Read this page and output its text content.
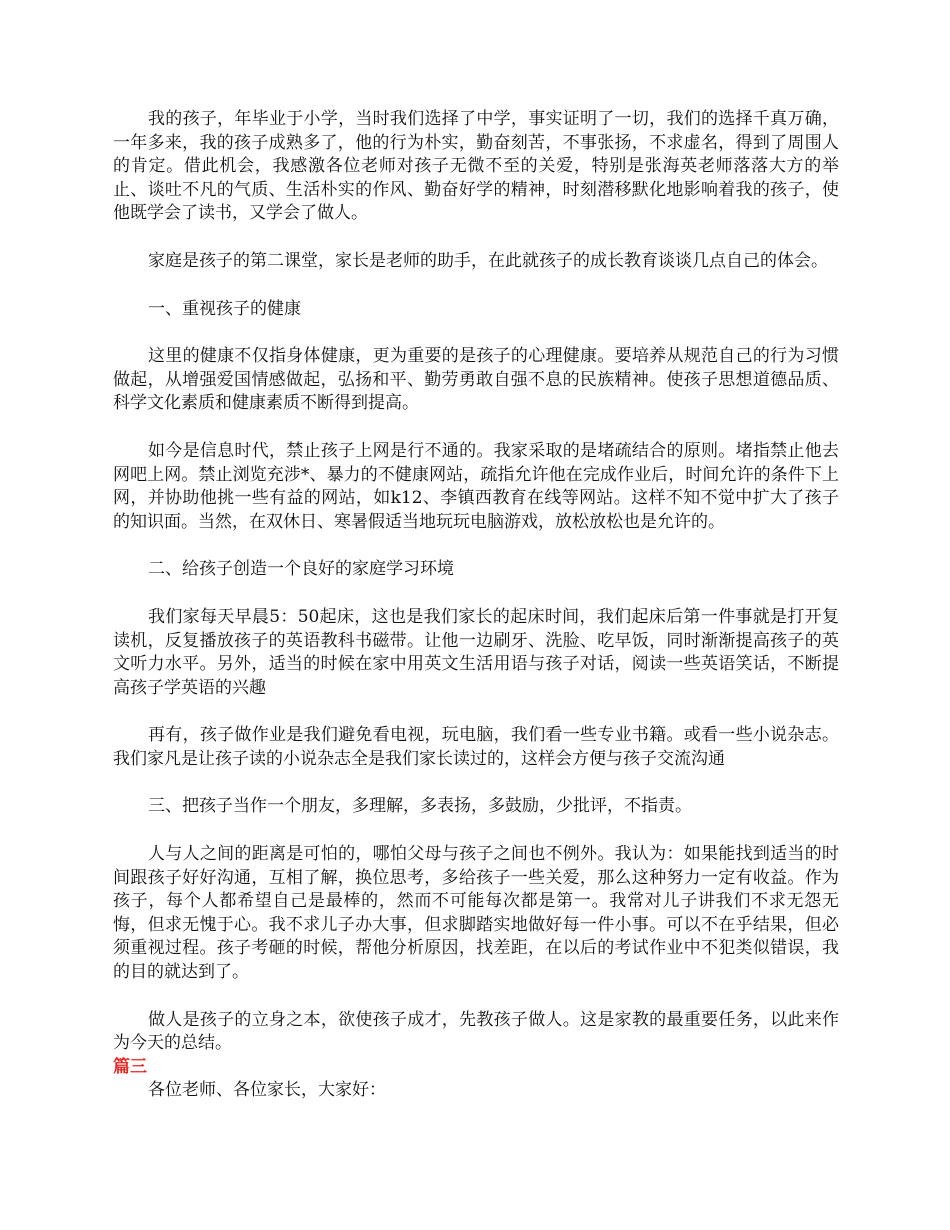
我的孩子，年毕业于小学，当时我们选择了中学，事实证明了一切，我们的选择千真万确，一年多来，我的孩子成熟多了，他的行为朴实，勤奋刻苦，不事张扬，不求虚名，得到了周围人的肯定。借此机会，我感激各位老师对孩子无微不至的关爱，特别是张海英老师落落大方的举止、谈吐不凡的气质、生活朴实的作风、勤奋好学的精神，时刻潜移默化地影响着我的孩子，使他既学会了读书，又学会了做人。

家庭是孩子的第二课堂，家长是老师的助手，在此就孩子的成长教育谈谈几点自己的体会。

一、重视孩子的健康

这里的健康不仅指身体健康，更为重要的是孩子的心理健康。要培养从规范自己的行为习惯做起，从增强爱国情感做起，弘扬和平、勤劳勇敢自强不息的民族精神。使孩子思想道德品质、科学文化素质和健康素质不断得到提高。

如今是信息时代，禁止孩子上网是行不通的。我家采取的是堵疏结合的原则。堵指禁止他去网吧上网。禁止浏览充涉*、暴力的不健康网站，疏指允许他在完成作业后，时间允许的条件下上网，并协助他挑一些有益的网站，如k12、李镇西教育在线等网站。这样不知不觉中扩大了孩子的知识面。当然，在双休日、寒暑假适当地玩玩电脑游戏，放松放松也是允许的。

二、给孩子创造一个良好的家庭学习环境

我们家每天早晨5：50起床，这也是我们家长的起床时间，我们起床后第一件事就是打开复读机，反复播放孩子的英语教科书磁带。让他一边刷牙、洗脸、吃早饭，同时渐渐提高孩子的英文听力水平。另外，适当的时候在家中用英文生活用语与孩子对话，阅读一些英语笑话，不断提高孩子学英语的兴趣

再有，孩子做作业是我们避免看电视，玩电脑，我们看一些专业书籍。或看一些小说杂志。我们家凡是让孩子读的小说杂志全是我们家长读过的，这样会方便与孩子交流沟通

三、把孩子当作一个朋友，多理解，多表扬，多鼓励，少批评，不指责。

人与人之间的距离是可怕的，哪怕父母与孩子之间也不例外。我认为：如果能找到适当的时间跟孩子好好沟通，互相了解，换位思考，多给孩子一些关爱，那么这种努力一定有收益。作为孩子，每个人都希望自己是最棒的，然而不可能每次都是第一。我常对儿子讲我们不求无怨无悔，但求无愧于心。我不求儿子办大事，但求脚踏实地做好每一件小事。可以不在乎结果，但必须重视过程。孩子考砸的时候，帮他分析原因，找差距，在以后的考试作业中不犯类似错误，我的目的就达到了。

做人是孩子的立身之本，欲使孩子成才，先教孩子做人。这是家教的最重要任务，以此来作为今天的总结。

篇三

各位老师、各位家长，大家好：
